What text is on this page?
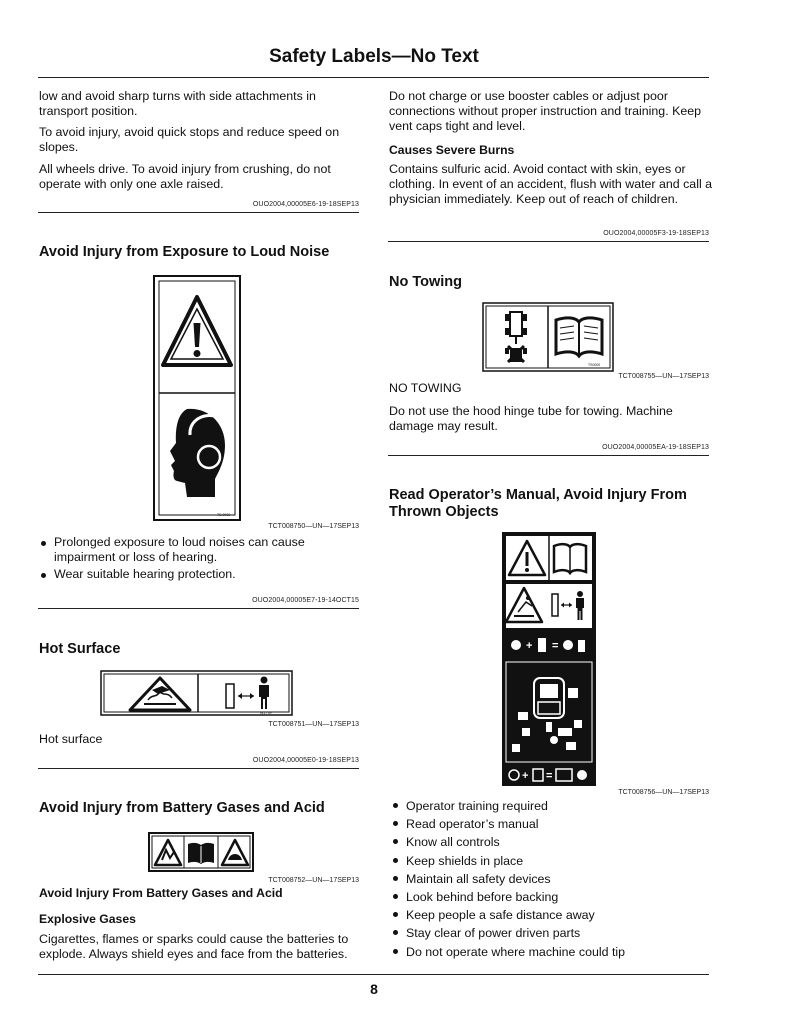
Safety Labels—No Text

low and avoid sharp turns with side attachments in transport position.

To avoid injury, avoid quick stops and reduce speed on slopes.

All wheels drive. To avoid injury from crushing, do not operate with only one axle raised.

OUO2004,00005E6-19-18SEP13
Avoid Injury from Exposure to Loud Noise
TS.0000
TCT008750—UN—17SEP13
Prolonged exposure to loud noises can cause impairment or loss of hearing.
Wear suitable hearing protection.
OUO2004,00005E7-19-14OCT15
Hot Surface
W17TE
TCT008751—UN—17SEP13

Hot surface

OUO2004,00005E0-19-18SEP13
Avoid Injury from Battery Gases and Acid
TCT008752—UN—17SEP13
Avoid Injury From Battery Gases and Acid
Explosive Gases

Cigarettes, flames or sparks could cause the batteries to explode. Always shield eyes and face from the batteries.

Do not charge or use booster cables or adjust poor connections without proper instruction and training. Keep vent caps tight and level.

Causes Severe Burns

Contains sulfuric acid. Avoid contact with skin, eyes or clothing. In event of an accident, flush with water and call a physician immediately. Keep out of reach of children.

OUO2004,00005F3-19-18SEP13
No Towing
TS0000
TCT008755—UN—17SEP13

NO TOWING

Do not use the hood hinge tube for towing. Machine damage may result.

OUO2004,00005EA-19-18SEP13
Read Operator’s Manual, Avoid Injury From Thrown Objects
+ =
+ =
TCT008756—UN—17SEP13
Operator training required
Read operator’s manual
Know all controls
Keep shields in place
Maintain all safety devices
Look behind before backing
Keep people a safe distance away
Stay clear of power driven parts
Do not operate where machine could tip
8
